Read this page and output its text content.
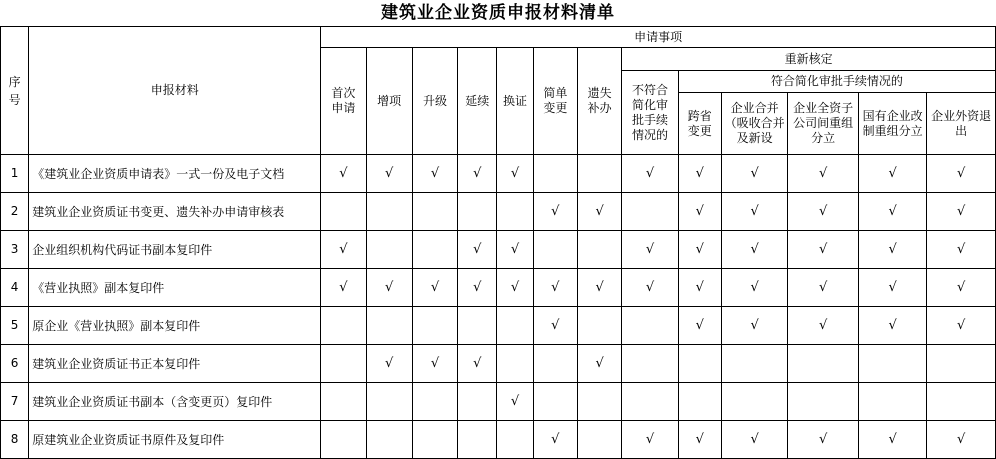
建筑业企业资质申报材料清单
序号	申报材料	申请事项												
		首次申请	增项	升级	延续	换证	简单变更	遗失补办	重新核定					
									不符合简化审批手续情况的	符合简化审批手续情况的				
										跨省变更	企业合并（吸收合并及新设	企业全资子公司间重组分立	国有企业改制重组分立	企业外资退出
1	《建筑业企业资质申请表》一式一份及电子文档	√	√	√	√	√			√	√	√	√	√	√
2	建筑业企业资质证书变更、遗失补办申请审核表						√	√		√	√	√	√	√
3	企业组织机构代码证书副本复印件	√			√	√			√	√	√	√	√	√
4	《营业执照》副本复印件	√	√	√	√	√	√	√	√	√	√	√	√	√
5	原企业《营业执照》副本复印件						√			√	√	√	√	√
6	建筑业企业资质证书正本复印件		√	√	√			√						
7	建筑业企业资质证书副本（含变更页）复印件					√								
8	原建筑业企业资质证书原件及复印件						√		√	√	√	√	√	√
